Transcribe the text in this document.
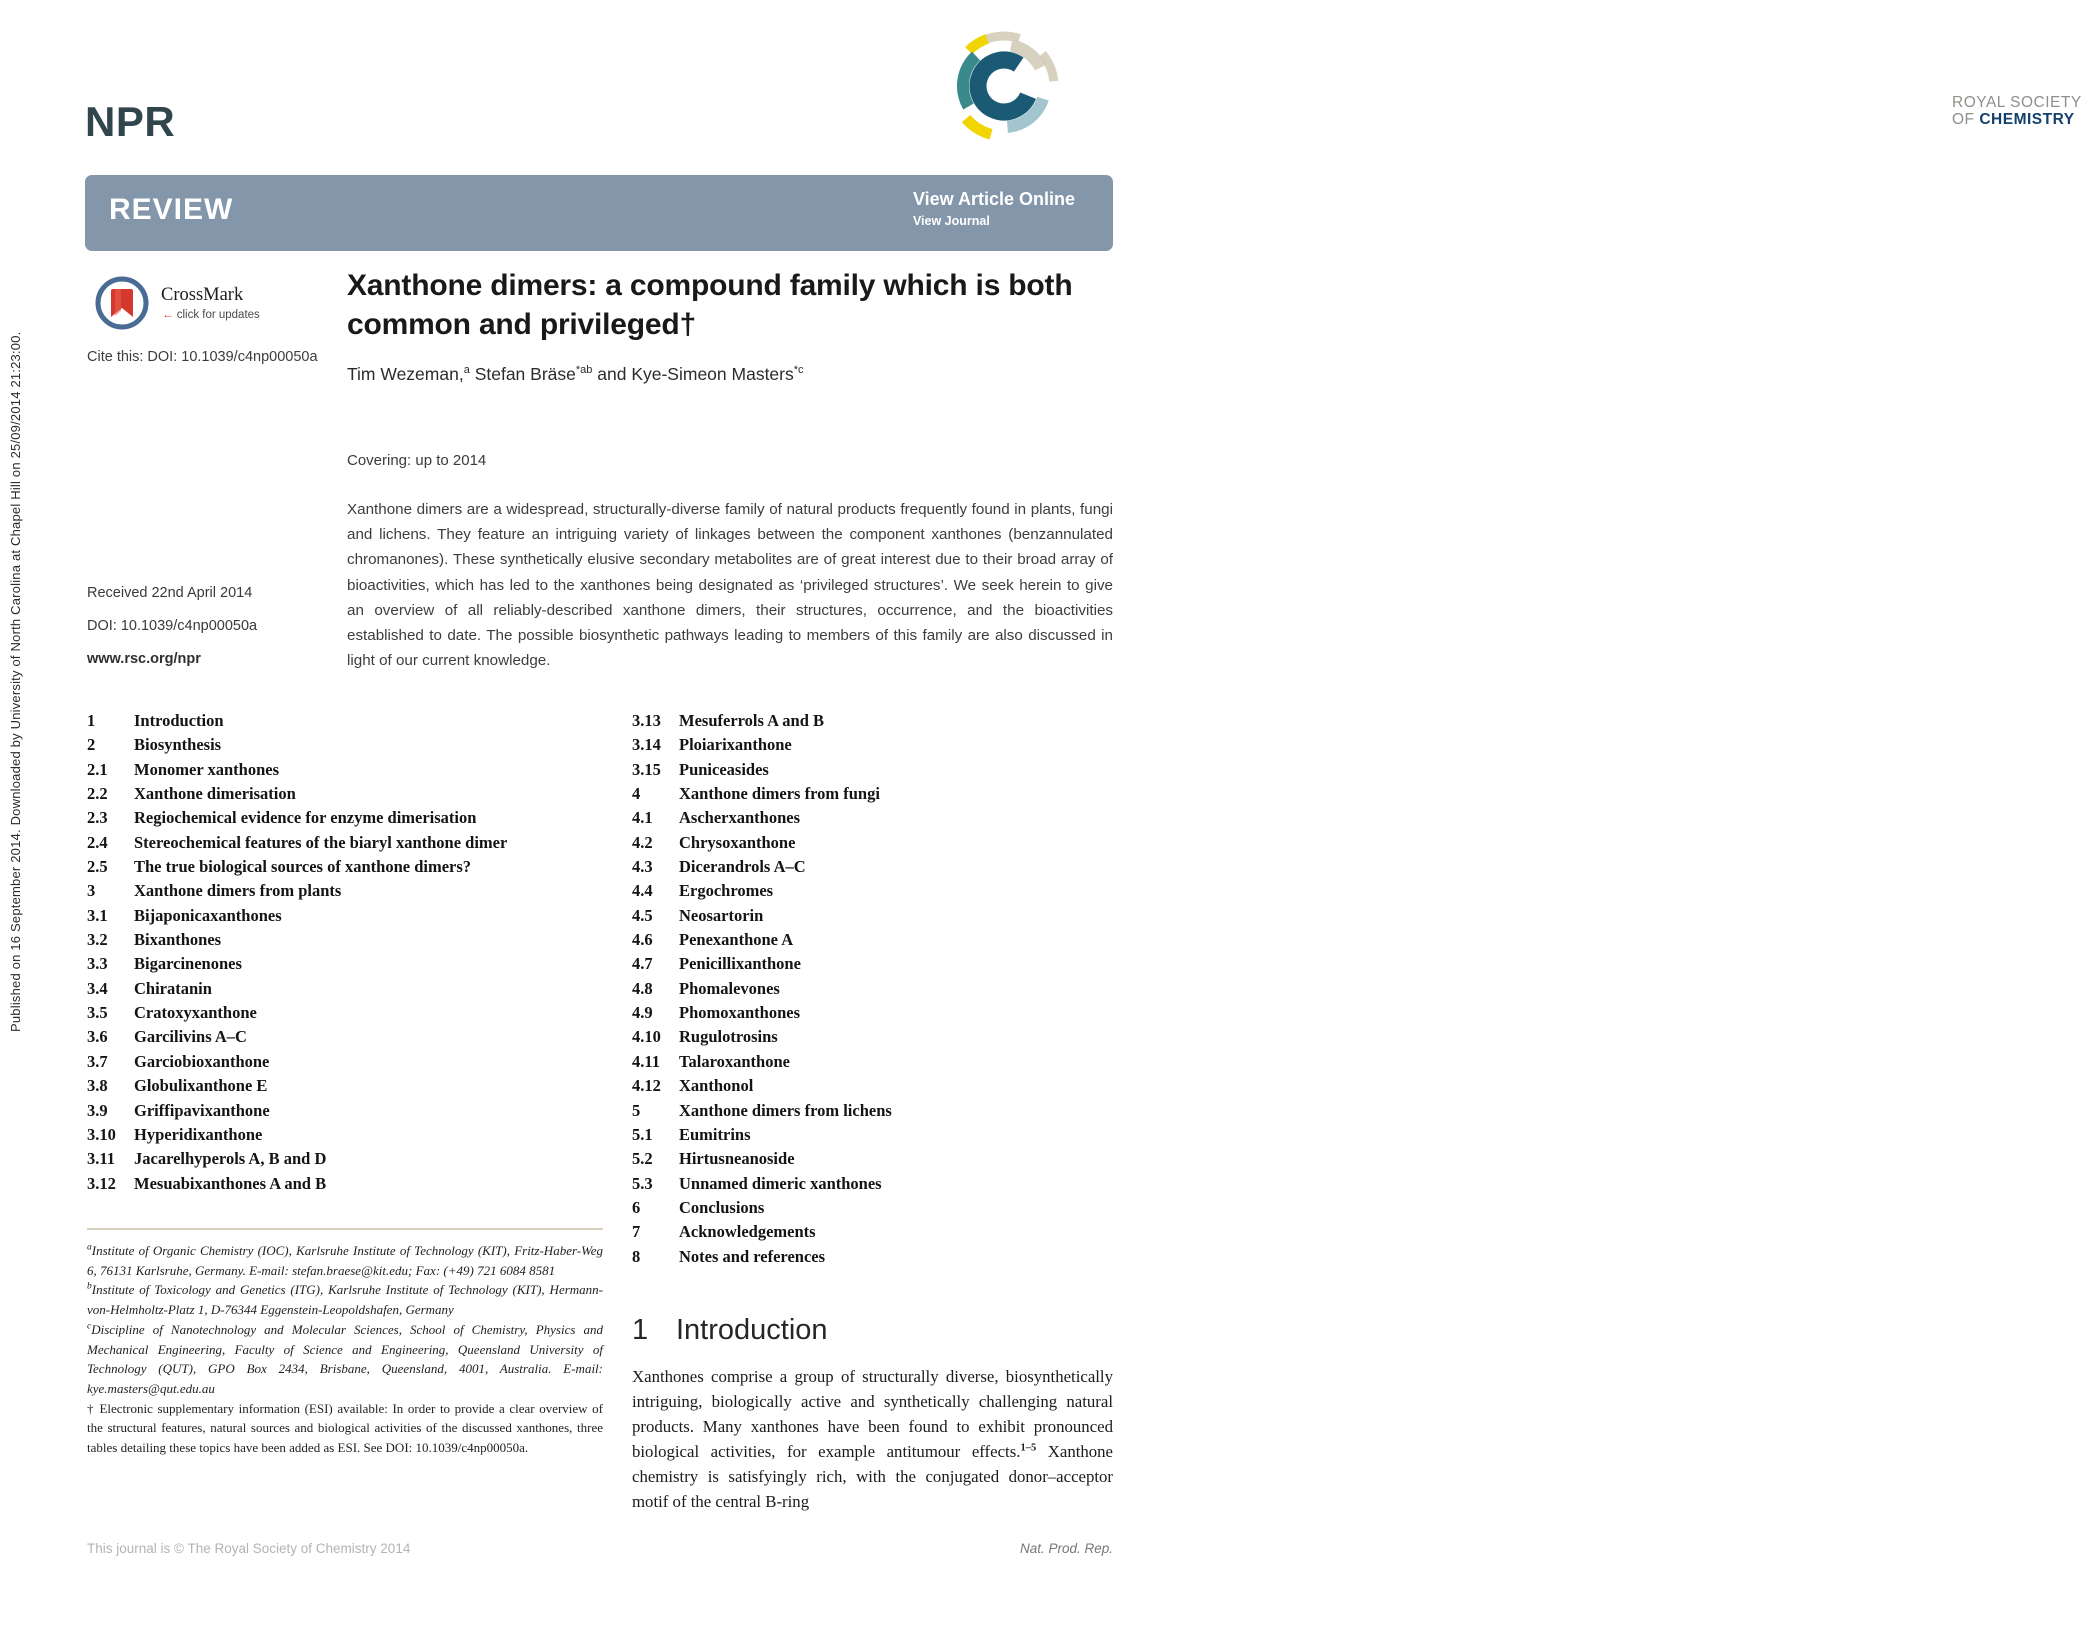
Published on 16 September 2014. Downloaded by University of North Carolina at Chapel Hill on 25/09/2014 21:23:00.
NPR	ROYAL SOCIETY
OF CHEMISTRY
REVIEW	View Article Online
View Journal
CrossMark
← click for updates
Cite this: DOI: 10.1039/c4np00050a
Xanthone dimers: a compound family which is both common and privileged†
Tim Wezeman,$^a$ Stefan Bräse$^{*ab}$ and Kye-Simeon Masters$^{*c}$
Covering: up to 2014
Xanthone dimers are a widespread, structurally-diverse family of natural products frequently found in plants, fungi and lichens. They feature an intriguing variety of linkages between the component xanthones (benzannulated chromanones). These synthetically elusive secondary metabolites are of great interest due to their broad array of bioactivities, which has led to the xanthones being designated as ‘privileged structures’. We seek herein to give an overview of all reliably-described xanthone dimers, their structures, occurrence, and the bioactivities established to date. The possible biosynthetic pathways leading to members of this family are also discussed in light of our current knowledge.
Received 22nd April 2014
DOI: 10.1039/c4np00050a
www.rsc.org/npr
1	Introduction
2	Biosynthesis
2.1	Monomer xanthones
2.2	Xanthone dimerisation
2.3	Regiochemical evidence for enzyme dimerisation
2.4	Stereochemical features of the biaryl xanthone dimer
2.5	The true biological sources of xanthone dimers?
3	Xanthone dimers from plants
3.1	Bijaponicaxanthones
3.2	Bixanthones
3.3	Bigarcinenones
3.4	Chiratanin
3.5	Cratoxyxanthone
3.6	Garcilivins A–C
3.7	Garciobioxanthone
3.8	Globulixanthone E
3.9	Griffipavixanthone
3.10	Hyperidixanthone
3.11	Jacarelhyperols A, B and D
3.12	Mesuabixanthones A and B
3.13	Mesuferrols A and B
3.14	Ploiarixanthone
3.15	Puniceasides
4	Xanthone dimers from fungi
4.1	Ascherxanthones
4.2	Chrysoxanthone
4.3	Dicerandrols A–C
4.4	Ergochromes
4.5	Neosartorin
4.6	Penexanthone A
4.7	Penicillixanthone
4.8	Phomalevones
4.9	Phomoxanthones
4.10	Rugulotrosins
4.11	Talaroxanthone
4.12	Xanthonol
5	Xanthone dimers from lichens
5.1	Eumitrins
5.2	Hirtusneanoside
5.3	Unnamed dimeric xanthones
6	Conclusions
7	Acknowledgements
8	Notes and references

$^a$Institute of Organic Chemistry (IOC), Karlsruhe Institute of Technology (KIT), Fritz-Haber-Weg 6, 76131 Karlsruhe, Germany. E-mail: stefan.braese@kit.edu; Fax: (+49) 721 6084 8581

$^b$Institute of Toxicology and Genetics (ITG), Karlsruhe Institute of Technology (KIT), Hermann-von-Helmholtz-Platz 1, D-76344 Eggenstein-Leopoldshafen, Germany

$^c$Discipline of Nanotechnology and Molecular Sciences, School of Chemistry, Physics and Mechanical Engineering, Faculty of Science and Engineering, Queensland University of Technology (QUT), GPO Box 2434, Brisbane, Queensland, 4001, Australia. E-mail: kye.masters@qut.edu.au

† Electronic supplementary information (ESI) available: In order to provide a clear overview of the structural features, natural sources and biological activities of the discussed xanthones, three tables detailing these topics have been added as ESI. See DOI: 10.1039/c4np00050a.

1 Introduction
Xanthones comprise a group of structurally diverse, biosynthetically intriguing, biologically active and synthetically challenging natural products. Many xanthones have been found to exhibit pronounced biological activities, for example antitumour effects.$^{1-5}$ Xanthone chemistry is satisfyingly rich, with the conjugated donor–acceptor motif of the central B-ring
This journal is © The Royal Society of Chemistry 2014	Nat. Prod. Rep.
